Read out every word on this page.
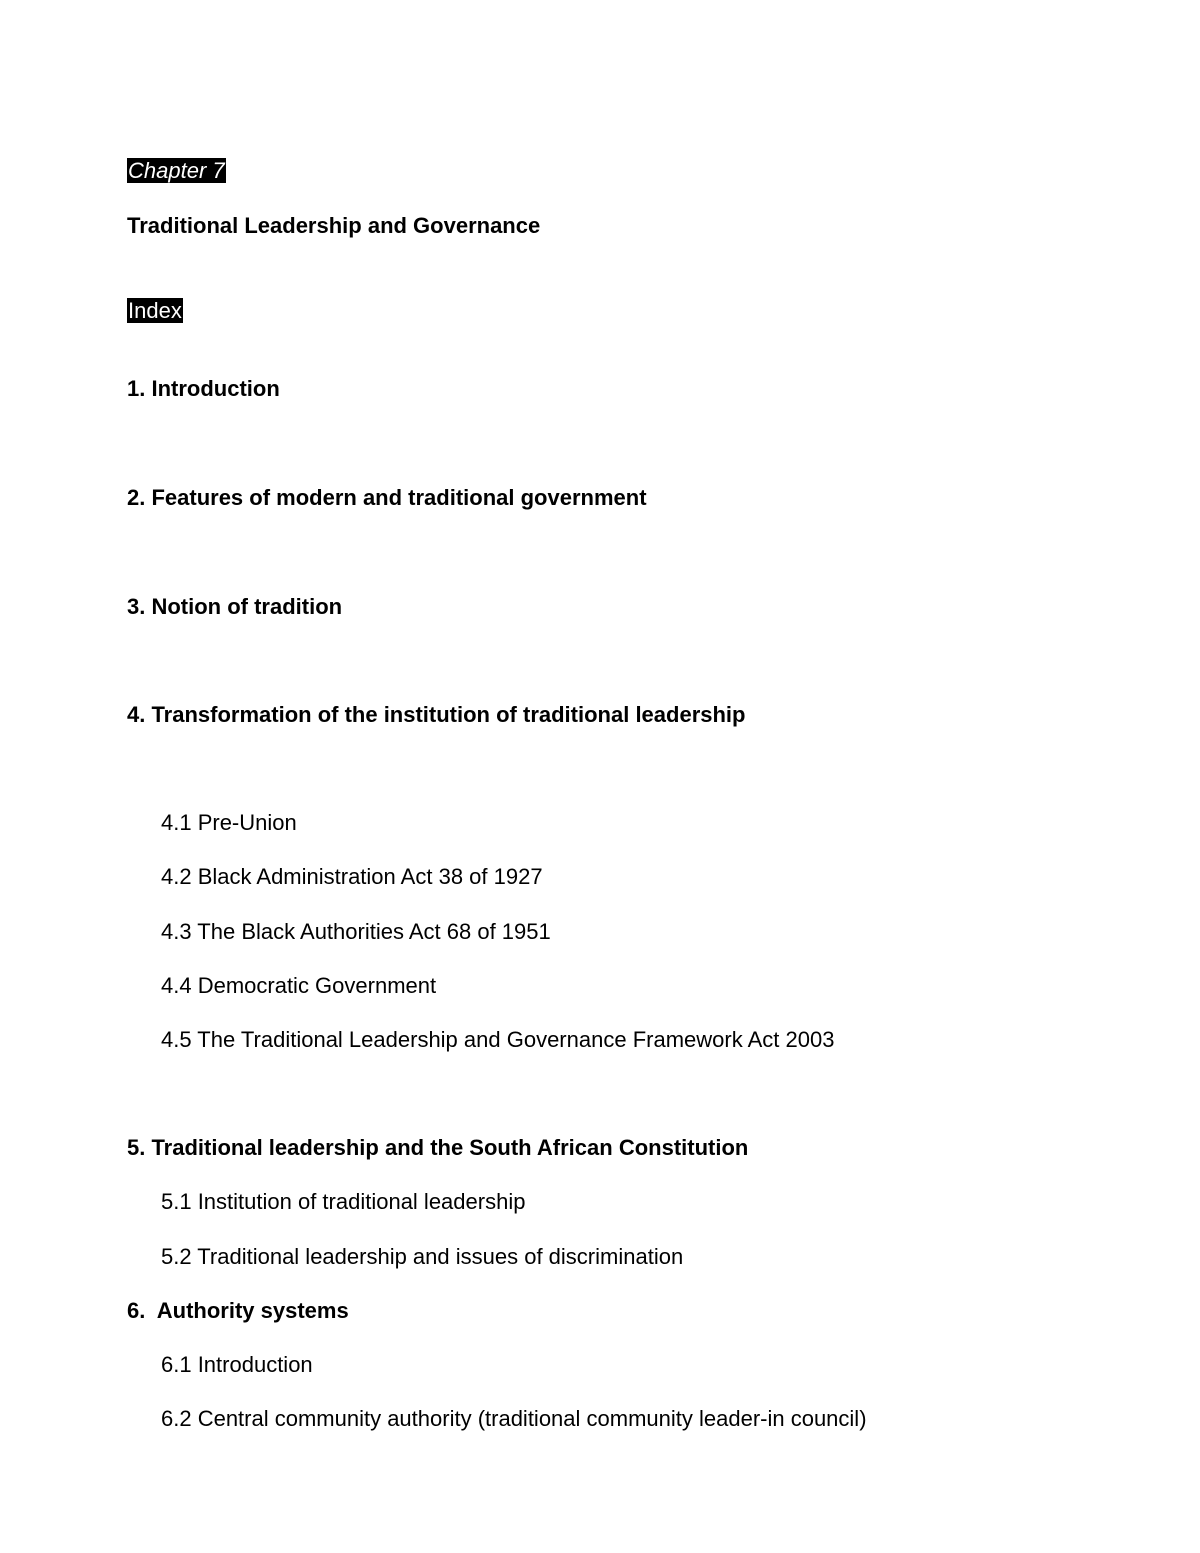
Chapter 7
Traditional Leadership and Governance
Index
1. Introduction
2. Features of modern and traditional government
3. Notion of tradition
4. Transformation of the institution of traditional leadership
4.1 Pre-Union
4.2 Black Administration Act 38 of 1927
4.3 The Black Authorities Act 68 of 1951
4.4 Democratic Government
4.5 The Traditional Leadership and Governance Framework Act 2003
5. Traditional leadership and the South African Constitution
5.1 Institution of traditional leadership
5.2 Traditional leadership and issues of discrimination
6.  Authority systems
6.1 Introduction
6.2 Central community authority (traditional community leader-in council)
